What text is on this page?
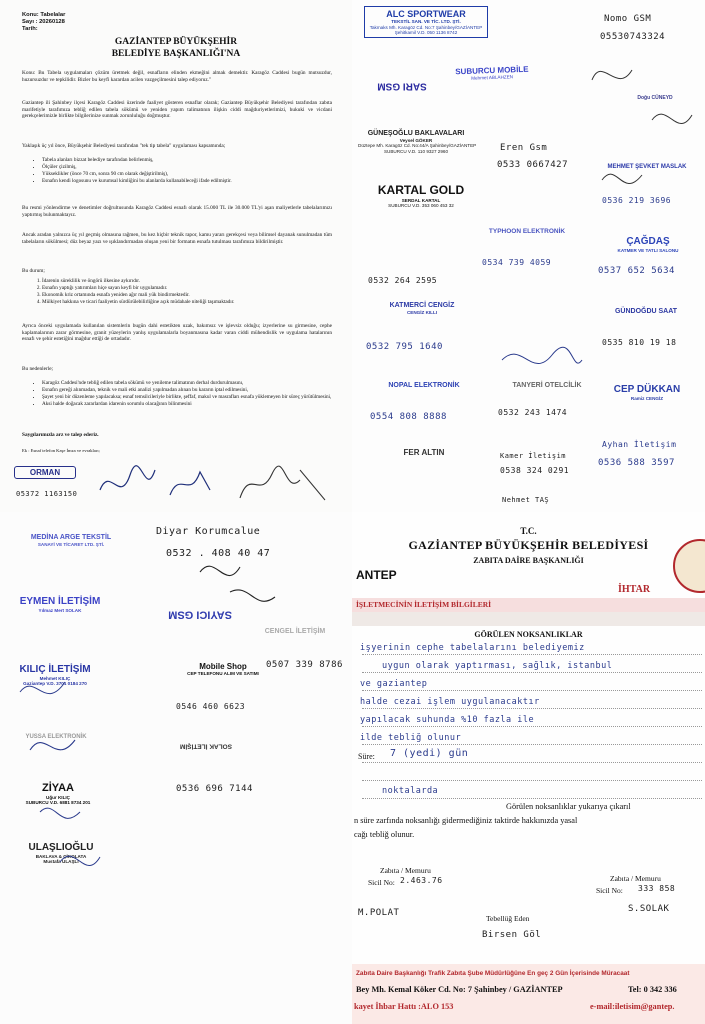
Konu: Tabelalar
Sayı : 20260128
Tarih:
GAZİANTEP BÜYÜKŞEHİR
BELEDİYE BAŞKANLIĞI'NA
Konu: Bu Tabela uygulamaları çözüm üretmek değil, esnafların elinden ekmeğini almak demektir. Karagöz Caddesi bugün mutsuzdur, huzursuzdur ve tepkilidir. Bizler bu keyfi karardan acilen vazgeçilmesini talep ediyoruz."
Gaziantep ili Şahinbey ilçesi Karagöz Caddesi üzerinde faaliyet gösteren esnaflar olarak; Gaziantep Büyükşehir Belediyesi tarafından zabıta marifetiyle tarafımıza tebliğ edilen tabela sökümü ve yeniden yapım talimatının ilişkin ciddi mağduriyetlerimizi, hukuki ve vicdani gerekçelerimizle birlikte bilgilerinize sunmak zorunluluğu doğmuştur.
Yaklaşık üç yıl önce, Büyükşehir Belediyesi tarafından "tek tip tabela" uygulaması kapsamında;
• Tabela alanları bizzat belediye tarafından belirlenmiş,
• Ölçüler çizilmiş,
• Yükseklikler (önce 70 cm, sonra 90 cm olarak değiştirilmiş),
• Esnafın kendi logosunu ve kurumsal kimliğini bu alanlarda kullanabileceği ifade edilmiştir.
Bu resmi yönlendirme ve denetimler doğrultusunda Karagöz Caddesi esnafı olarak 15.000 TL ile 30.000 TL'yi aşan maliyetlerle tabelalarımızı yaptırmış bulunmaktayız.
Ancak aradan yalnızca üç yıl geçmiş olmasına rağmen, bu kez hiçbir teknik rapor, kamu yararı gerekçesi veya bilimsel dayanak sunulmadan tüm tabelaların sökülmesi; düz beyaz yazı ve ışıklandırmadan oluşan yeni bir formatın esnafa tutulması tarafımıza bildirilmiştir.
Bu durum;
1. İdarenin süreklilik ve öngörü ilkesine aykırıdır.
2. Esnafın yaptığı yatırımları hiçe sayan keyfi bir uygulamadır.
3. Ekonomik kriz ortamında esnafa yeniden ağır mali yük bindirmektedir.
4. Mülkiyet hakkına ve ticari faaliyetin sürdürülebilirliğine açık müdahale niteliği taşımaktadır.
Ayrıca önceki uygulamada kullanılan sistemlerin bugün dahi estetikten uzak, bakımsız ve işlevsiz olduğu; izyerlerine su girmesine, cephe kaplamalarının zarar görmesine, granit yüzeylerin yanlış uygulamalarla boyanmasına kadar varan ciddi mühendislik ve uygulama hatalarının esnafı ve şehir estetiğini mağdur ettiği de ortadadır.
Bu nedenlerle;
• Karagöz Caddesi'nde tebliğ edilen tabela sökümü ve yenileme talimatının derhal durdurulmasını,
• Esnafın gereği alınmadan, teknik ve mali etki analizi yapılmadan alınan bu kararın iptal edilmesini,
• Şayet yeni bir düzenleme yapılacaksa; esnaf temsilcileriyle birlikte, şeffaf, makul ve masrafları esnafa yüklemeyen bir süreç yürütülmesini,
• Aksi halde doğacak zararlardan idarenin sorumlu olacağının bilinmesini
Saygılarımızla arz ve talep ederiz.
Ek : Esnaf telefon Kaşe İmza ve evrakları;
ORMAN
05372 1163150
ALC SPORTWEAR
TEKSTİL SAN. VE TİC. LTD. ŞTİ.
Takmaks Mh. Karagöz Cd. No:7 Şahinbey/GAZİANTEP
Şehitkamil V.D. 050 1136 8742
Nomo GSM
05530743324
SUBURCU MOBİLE
Mehmet ABLAHZEN
SARI GSM
Doğu CÜNEYD
GÜNEŞOĞLU BAKLAVALARI
Veysel GÖKER
Düztepe Mh. Karagöz Cd. No:44/A Şahinbey/GAZİANTEP
SUBURCU V.D. 110 9327 2960	Eren Gsm
0533 0667427	MEHMET ŞEVKET MASLAK
0536 219 3696
KARTAL GOLD
SERDAL KARTAL
SUBURCU V.D. 353 060 453 32
TYPHOON ELEKTRONİK
0534 739 4059
ÇAĞDAŞ
KATMER VE TATLI SALONU
0537 652 5634
0532 264 2595
KATMERCİ CENGİZ
CENGİZ KILLI
0532 795 1640
GÜNDOĞDU SAAT
0535 810 19 18
NOPAL ELEKTRONİK
0554 808 8888
TANYERİ OTELCİLİK
0532 243 1474
CEP DÜKKAN
Ramiz CENGİZ
FER ALTIN	Kamer İletişim
0538 324 0291
Ayhan İletişim
0536 588 3597
Nehmet TAŞ
MEDİNA ARGE TEKSTİL
SANAYİ VE TİCARET LTD. ŞTİ.
Diyar Korumcalue
0532 . 408 40 47
EYMEN İLETİŞİM
Yılmaz Mert SOLAK	SAYICI GSM
CENGEL İLETİŞİM
KILIÇ İLETİŞİM
Mehmet KILIÇ
Gaziantep V.D. 3701 0184 270
Mobile Shop
CEP TELEFONU ALIM VE SATIMI
0507 339 8786
0546 460 6623
YUSSA ELEKTRONİK
SOLAK İLETİŞİM
0536 696 7144
ZİYAA
Uğur KILIÇ
SUBURCU V.D. 6881 8734 201
ULAŞLIOĞLU
BAKLAVA & ÇİKOLATA
Mustafa ULAŞLI
T.C.
GAZİANTEP BÜYÜKŞEHİR BELEDİYESİ
ZABITA DAİRE BAŞKANLIĞI
ANTEP
İHTAR
İŞLETMECİNİN İLETİŞİM BİLGİLERİ
GÖRÜLEN NOKSANLIKLAR
işyerinin cephe tabelalarını belediyemiz
uygun olarak yaptırması, sağlık, istanbul
ve gaziantep
halde cezai işlem uygulanacaktır
yapılacak suhunda %10 fazla ile
ilde tebliğ olunur
Süre: 7 (yedi) gün
noktalarda
Görülen noksanlıklar yukarıya çıkarıl
n süre zarfında noksanlığı gidermediğiniz taktirde hakkınızda yasal
cağı tebliğ olunur.
Zabıta / Memuru
Sicil No: 2.463.76	Zabıta / Memuru
Sicil No: 333 858
M.POLAT	S.SOLAK
Tebellüğ Eden
Birsen Göl
Zabıta Daire Başkanlığı Trafik Zabıta Şube Müdürlüğüne En geç 2 Gün İçerisinde Müracaat
Bey Mh. Kemal Köker Cd. No: 7 Şahinbey / GAZİANTEP	Tel: 0 342 336
kayet İhbar Hattı :ALO 153	e-mail:iletisim@gantep.
